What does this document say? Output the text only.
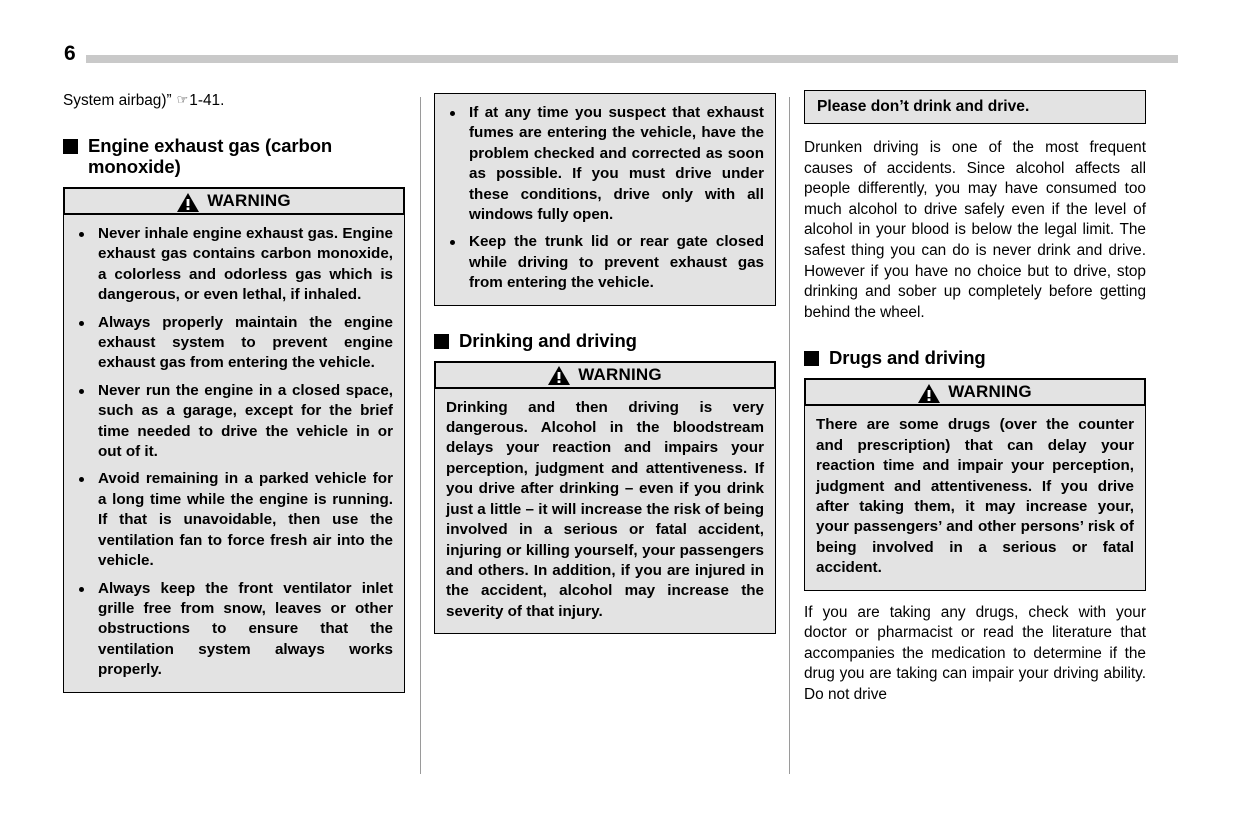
6

System airbag)” ☞1-41.

Engine exhaust gas (carbon monoxide)
WARNING
Never inhale engine exhaust gas. Engine exhaust gas contains carbon monoxide, a colorless and odorless gas which is dangerous, or even lethal, if inhaled.
Always properly maintain the engine exhaust system to prevent engine exhaust gas from entering the vehicle.
Never run the engine in a closed space, such as a garage, except for the brief time needed to drive the vehicle in or out of it.
Avoid remaining in a parked vehicle for a long time while the engine is running. If that is unavoidable, then use the ventilation fan to force fresh air into the vehicle.
Always keep the front ventilator inlet grille free from snow, leaves or other obstructions to ensure that the ventilation system always works properly.
If at any time you suspect that exhaust fumes are entering the vehicle, have the problem checked and corrected as soon as possible. If you must drive under these conditions, drive only with all windows fully open.
Keep the trunk lid or rear gate closed while driving to prevent exhaust gas from entering the vehicle.
Drinking and driving
WARNING

Drinking and then driving is very dangerous. Alcohol in the bloodstream delays your reaction and impairs your perception, judgment and attentiveness. If you drive after drinking – even if you drink just a little – it will increase the risk of being involved in a serious or fatal accident, injuring or killing yourself, your passengers and others. In addition, if you are injured in the accident, alcohol may increase the severity of that injury.

Please don’t drink and drive.

Drunken driving is one of the most frequent causes of accidents. Since alcohol affects all people differently, you may have consumed too much alcohol to drive safely even if the level of alcohol in your blood is below the legal limit. The safest thing you can do is never drink and drive. However if you have no choice but to drive, stop drinking and sober up completely before getting behind the wheel.

Drugs and driving
WARNING

There are some drugs (over the counter and prescription) that can delay your reaction time and impair your perception, judgment and attentiveness. If you drive after taking them, it may increase your, your passengers’ and other persons’ risk of being involved in a serious or fatal accident.

If you are taking any drugs, check with your doctor or pharmacist or read the literature that accompanies the medication to determine if the drug you are taking can impair your driving ability. Do not drive
